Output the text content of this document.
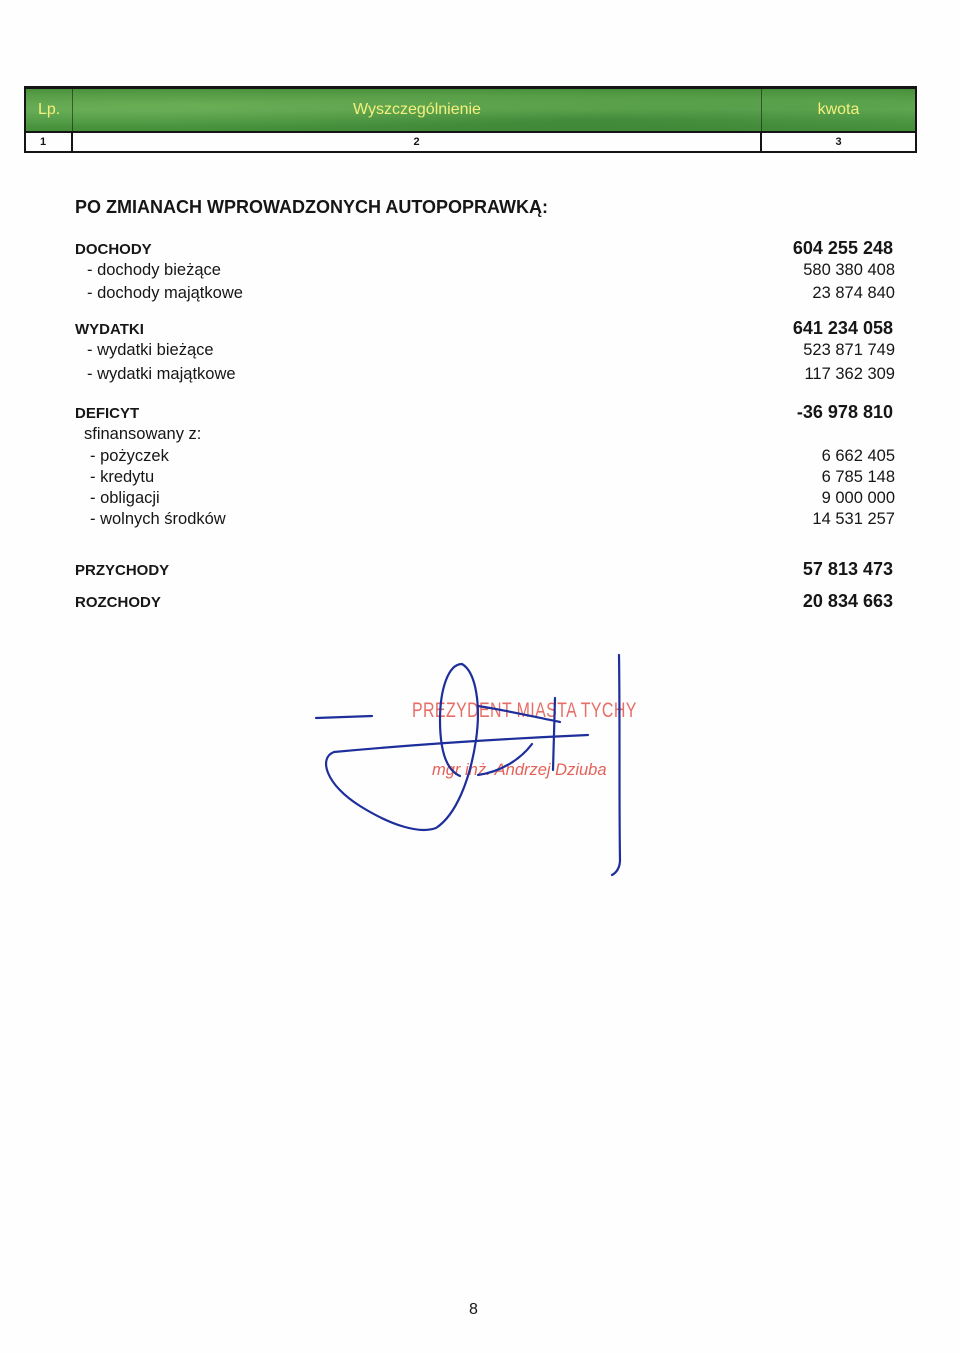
Lp.	Wyszczególnienie	kwota
1	2	3
PO ZMIANACH WPROWADZONYCH AUTOPOPRAWKĄ:
DOCHODY	604 255 248
- dochody bieżące	580 380 408
- dochody majątkowe	23 874 840
WYDATKI	641 234 058
- wydatki bieżące	523 871 749
- wydatki majątkowe	117 362 309
DEFICYT	-36 978 810
sfinansowany z:
- pożyczek	6 662 405
- kredytu	6 785 148
- obligacji	9 000 000
- wolnych środków	14 531 257
PRZYCHODY	57 813 473
ROZCHODY	20 834 663
PREZYDENT MIASTA TYCHY
mgr inż. Andrzej Dziuba
8
